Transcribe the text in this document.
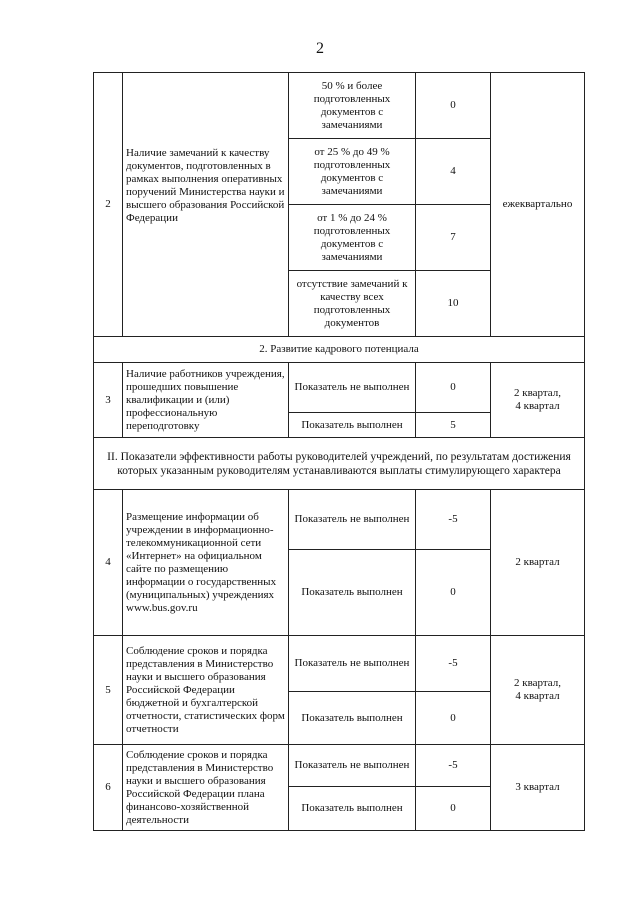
2
2	Наличие замечаний к качеству документов, подготовленных в рамках выполнения оперативных поручений Министерства науки и высшего образования Российской Федерации	50 % и более подготовленных документов с замечаниями	0	ежеквартально
		от 25 % до 49 % подготовленных документов с замечаниями	4	
		от 1 % до 24 % подготовленных документов с замечаниями	7	
		отсутствие замечаний к качеству всех подготовленных документов	10	
2. Развитие кадрового потенциала				
3	Наличие работников учреждения, прошедших повышение квалификации и (или) профессиональную переподготовку	Показатель не выполнен	0	2 квартал,
4 квартал
		Показатель выполнен	5	
II. Показатели эффективности работы руководителей учреждений, по результатам достижения которых указанным руководителям устанавливаются выплаты стимулирующего характера				
4	Размещение информации об учреждении в информационно-телекоммуникационной сети «Интернет» на официальном сайте по размещению информации о государственных (муниципальных) учреждениях www.bus.gov.ru	Показатель не выполнен	-5	2 квартал
		Показатель выполнен	0	
5	Соблюдение сроков и порядка представления в Министерство науки и высшего образования Российской Федерации бюджетной и бухгалтерской отчетности, статистических форм отчетности	Показатель не выполнен	-5	2 квартал,
4 квартал
		Показатель выполнен	0	
6	Соблюдение сроков и порядка представления в Министерство науки и высшего образования Российской Федерации плана финансово-хозяйственной деятельности	Показатель не выполнен	-5	3 квартал
		Показатель выполнен	0	
